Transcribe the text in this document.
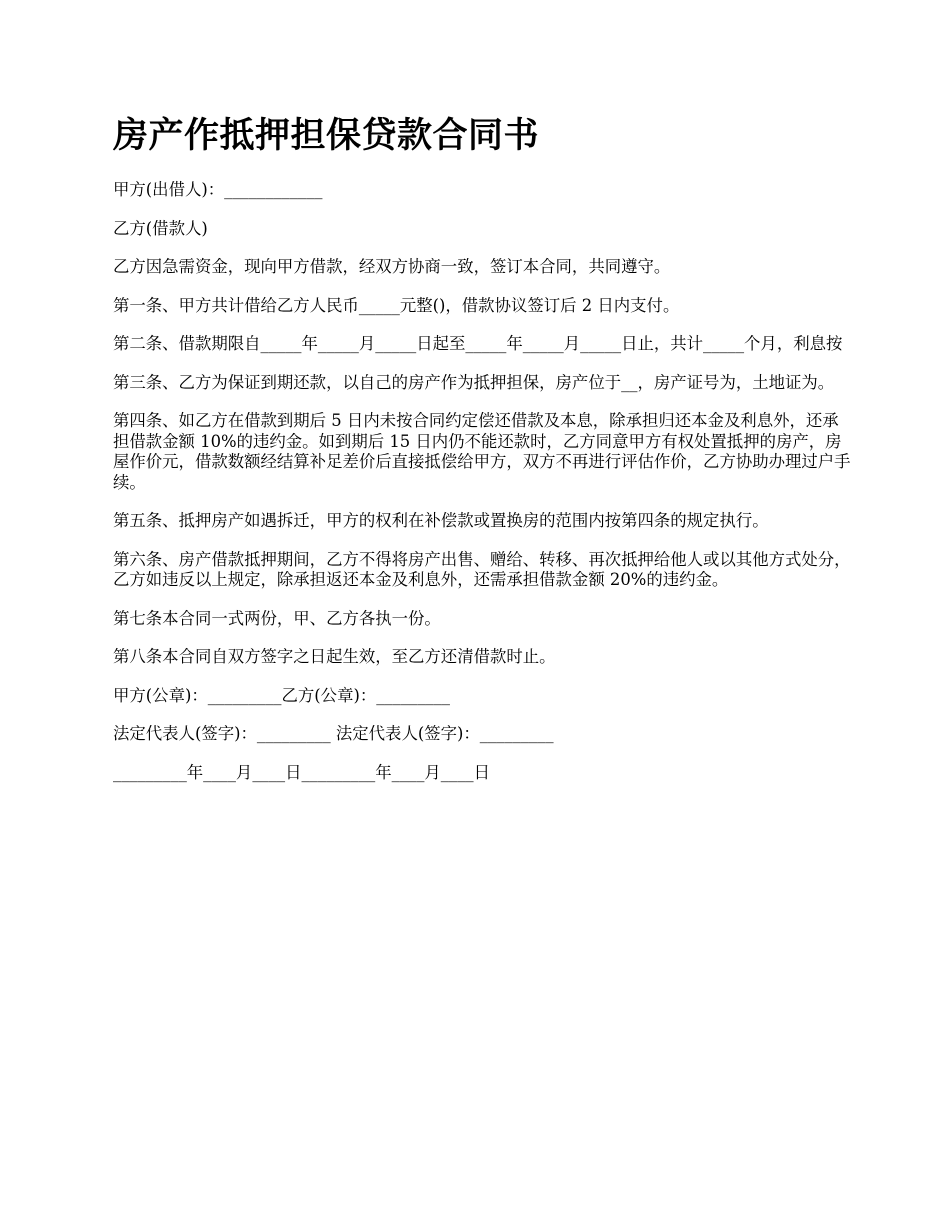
房产作抵押担保贷款合同书

甲方(出借人)：____________

乙方(借款人)

乙方因急需资金，现向甲方借款，经双方协商一致，签订本合同，共同遵守。

第一条、甲方共计借给乙方人民币_____元整()，借款协议签订后 2 日内支付。

第二条、借款期限自_____年_____月_____日起至_____年_____月_____日止，共计_____个月，利息按

第三条、乙方为保证到期还款，以自己的房产作为抵押担保，房产位于__，房产证号为，土地证为。

第四条、如乙方在借款到期后 5 日内未按合同约定偿还借款及本息，除承担归还本金及利息外，还承担借款金额 10%的违约金。如到期后 15 日内仍不能还款时，乙方同意甲方有权处置抵押的房产，房屋作价元，借款数额经结算补足差价后直接抵偿给甲方，双方不再进行评估作价，乙方协助办理过户手续。

第五条、抵押房产如遇拆迁，甲方的权利在补偿款或置换房的范围内按第四条的规定执行。

第六条、房产借款抵押期间，乙方不得将房产出售、赠给、转移、再次抵押给他人或以其他方式处分，乙方如违反以上规定，除承担返还本金及利息外，还需承担借款金额 20%的违约金。

第七条本合同一式两份，甲、乙方各执一份。

第八条本合同自双方签字之日起生效，至乙方还清借款时止。

甲方(公章)：_________乙方(公章)：_________

法定代表人(签字)：_________ 法定代表人(签字)：_________

_________年____月____日_________年____月____日
